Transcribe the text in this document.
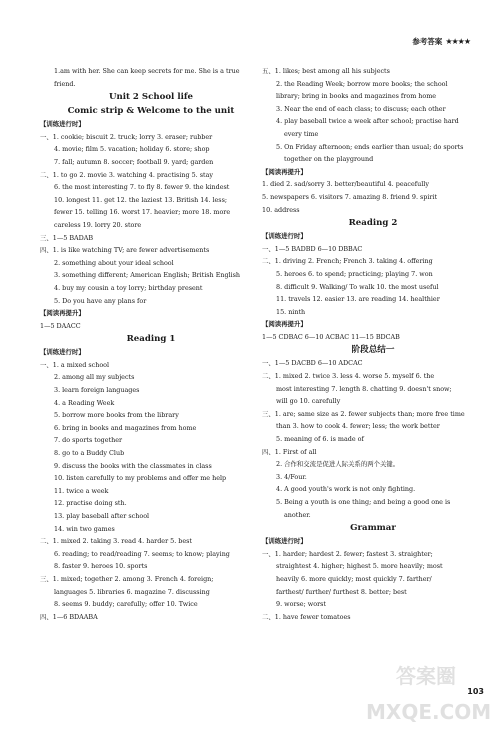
参考答案 ★★★★
1.am with her. She can keep secrets for me. She is a true
friend.
Unit 2 School life
Comic strip & Welcome to the unit
【训练进行时】
一、1. cookie; biscuit 2. truck; lorry 3. eraser; rubber
4. movie; film 5. vacation; holiday 6. store; shop
7. fall; autumn 8. soccer; football 9. yard; garden
二、1. to go 2. movie 3. watching 4. practising 5. stay
6. the most interesting 7. to fly 8. fewer 9. the kindest
10. longest 11. get 12. the laziest 13. British 14. less;
fewer 15. telling 16. worst 17. heavier; more 18. more
careless 19. lorry 20. store
三、1—5 BADAB
四、1. is like watching TV; are fewer advertisements
2. something about your ideal school
3. something different; American English; British English
4. buy my cousin a toy lorry; birthday present
5. Do you have any plans for
【阅读再提升】
1—5 DAACC
Reading 1
【训练进行时】
一、1. a mixed school
2. among all my subjects
3. learn foreign languages
4. a Reading Week
5. borrow more books from the library
6. bring in books and magazines from home
7. do sports together
8. go to a Buddy Club
9. discuss the books with the classmates in class
10. listen carefully to my problems and offer me help
11. twice a week
12. practise doing sth.
13. play baseball after school
14. win two games
二、1. mixed 2. taking 3. read 4. harder 5. best
6. reading; to read/reading 7. seems; to know; playing
8. faster 9. heroes 10. sports
三、1. mixed; together 2. among 3. French 4. foreign;
languages 5. libraries 6. magazine 7. discussing
8. seems 9. buddy; carefully; offer 10. Twice
四、1—6 BDAABA
五、1. likes; best among all his subjects
2. the Reading Week; borrow more books; the school
library; bring in books and magazines from home
3. Near the end of each class; to discuss; each other
4. play baseball twice a week after school; practise hard
every time
5. On Friday afternoon; ends earlier than usual; do sports
together on the playground
【阅读再提升】
1. died 2. sad/sorry 3. better/beautiful 4. peacefully
5. newspapers 6. visitors 7. amazing 8. friend 9. spirit
10. address
Reading 2
【训练进行时】
一、1—5 BADBD 6—10 DBBAC
二、1. driving 2. French; French 3. taking 4. offering
5. heroes 6. to spend; practicing; playing 7. won
8. difficult 9. Walking/ To walk 10. the most useful
11. travels 12. easier 13. are reading 14. healthier
15. ninth
【阅读再提升】
1—5 CDBAC 6—10 ACBAC 11—15 BDCAB
阶段总结一
一、1—5 DACBD 6—10 ADCAC
二、1. mixed 2. twice 3. less 4. worse 5. myself 6. the
most interesting 7. length 8. chatting 9. doesn't snow;
will go 10. carefully
三、1. are; same size as 2. fewer subjects than; more free time
than 3. how to cook 4. fewer; less; the work better
5. meaning of 6. is made of
四、1. First of all
2. 合作和交流是促进人际关系的两个关键。
3. 4/Four.
4. A good youth's work is not only fighting.
5. Being a youth is one thing; and being a good one is
another.
Grammar
【训练进行时】
一、1. harder; hardest 2. fewer; fastest 3. straighter;
straightest 4. higher; highest 5. more heavily; most
heavily 6. more quickly; most quickly 7. farther/
farthest/ further/ furthest 8. better; best
9. worse; worst
二、1. have fewer tomatoes
答案圈 MXQE.COM
103
